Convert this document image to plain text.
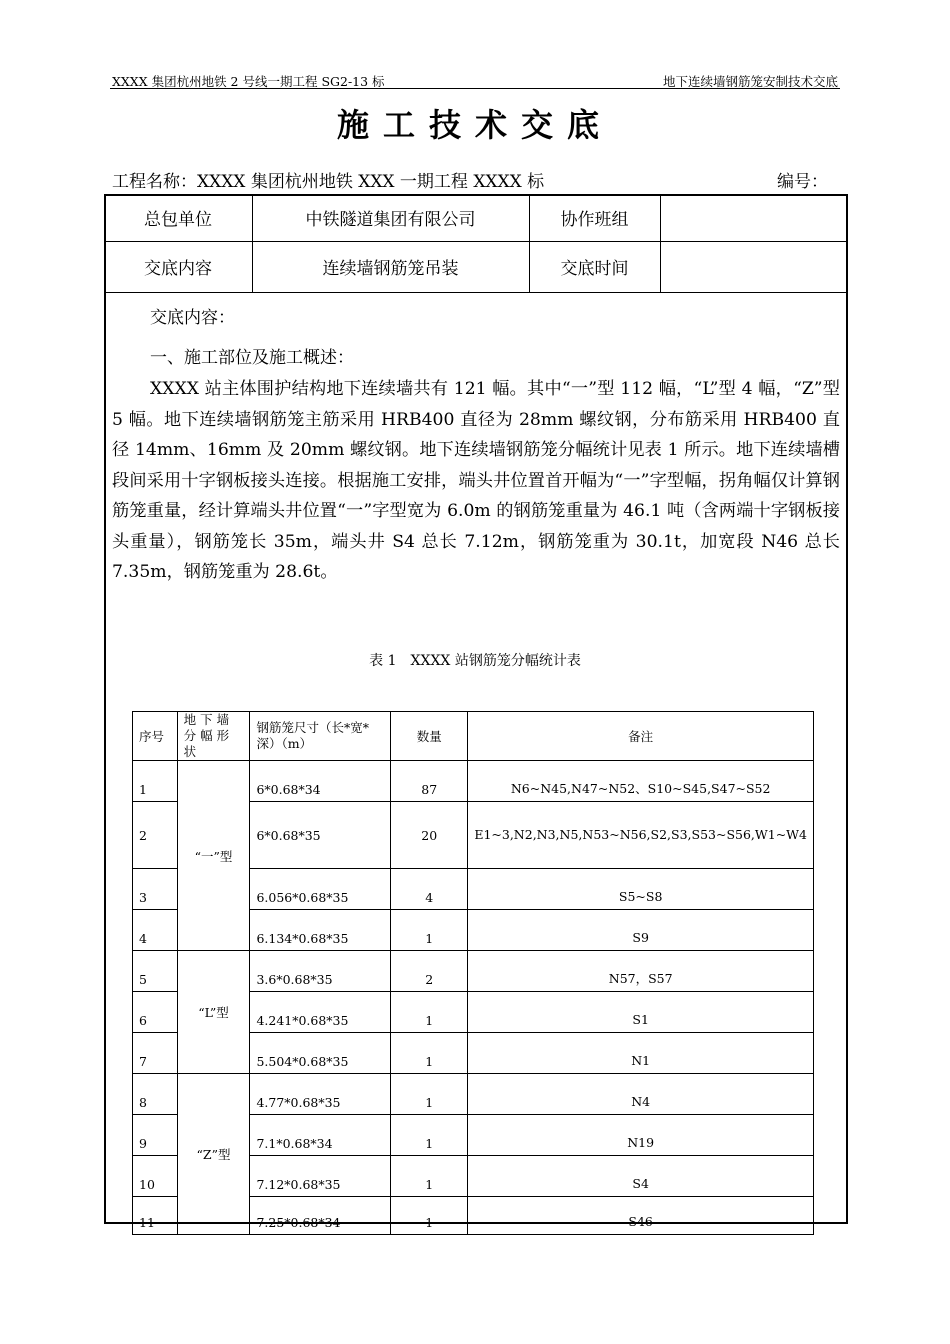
XXXX 集团杭州地铁 2 号线一期工程 SG2-13 标	地下连续墙钢筋笼安制技术交底
施工技术交底
工程名称：XXXX 集团杭州地铁 XXX 一期工程 XXXX 标	编号：
总包单位	中铁隧道集团有限公司	协作班组
交底内容	连续墙钢筋笼吊装	交底时间
交底内容：
一、施工部位及施工概述：
XXXX 站主体围护结构地下连续墙共有 121 幅。其中“一”型 112 幅，“L”型 4 幅，“Z”型 5 幅。地下连续墙钢筋笼主筋采用 HRB400 直径为 28mm 螺纹钢，分布筋采用 HRB400 直径 14mm、16mm 及 20mm 螺纹钢。地下连续墙钢筋笼分幅统计见表 1 所示。地下连续墙槽段间采用十字钢板接头连接。根据施工安排，端头井位置首开幅为“一”字型幅，拐角幅仅计算钢筋笼重量，经计算端头井位置“一”字型宽为 6.0m 的钢筋笼重量为 46.1 吨（含两端十字钢板接头重量），钢筋笼长 35m，端头井 S4 总长 7.12m，钢筋笼重为 30.1t，加宽段 N46 总长 7.35m，钢筋笼重为 28.6t。
表 1　XXXX 站钢筋笼分幅统计表
序号	地下墙分幅形状	钢筋笼尺寸（长*宽*深）（m）	数量	备注
1	“一”型	6*0.68*34	87	N6~N45,N47~N52、S10~S45,S47~S52
2		6*0.68*35	20	E1~3,N2,N3,N5,N53~N56,S2,S3,S53~S56,W1~W4
3		6.056*0.68*35	4	S5~S8
4		6.134*0.68*35	1	S9
5	“L”型	3.6*0.68*35	2	N57，S57
6		4.241*0.68*35	1	S1
7		5.504*0.68*35	1	N1
8	“Z”型	4.77*0.68*35	1	N4
9		7.1*0.68*34	1	N19
10		7.12*0.68*35	1	S4
11		7.25*0.68*34	1	S46
